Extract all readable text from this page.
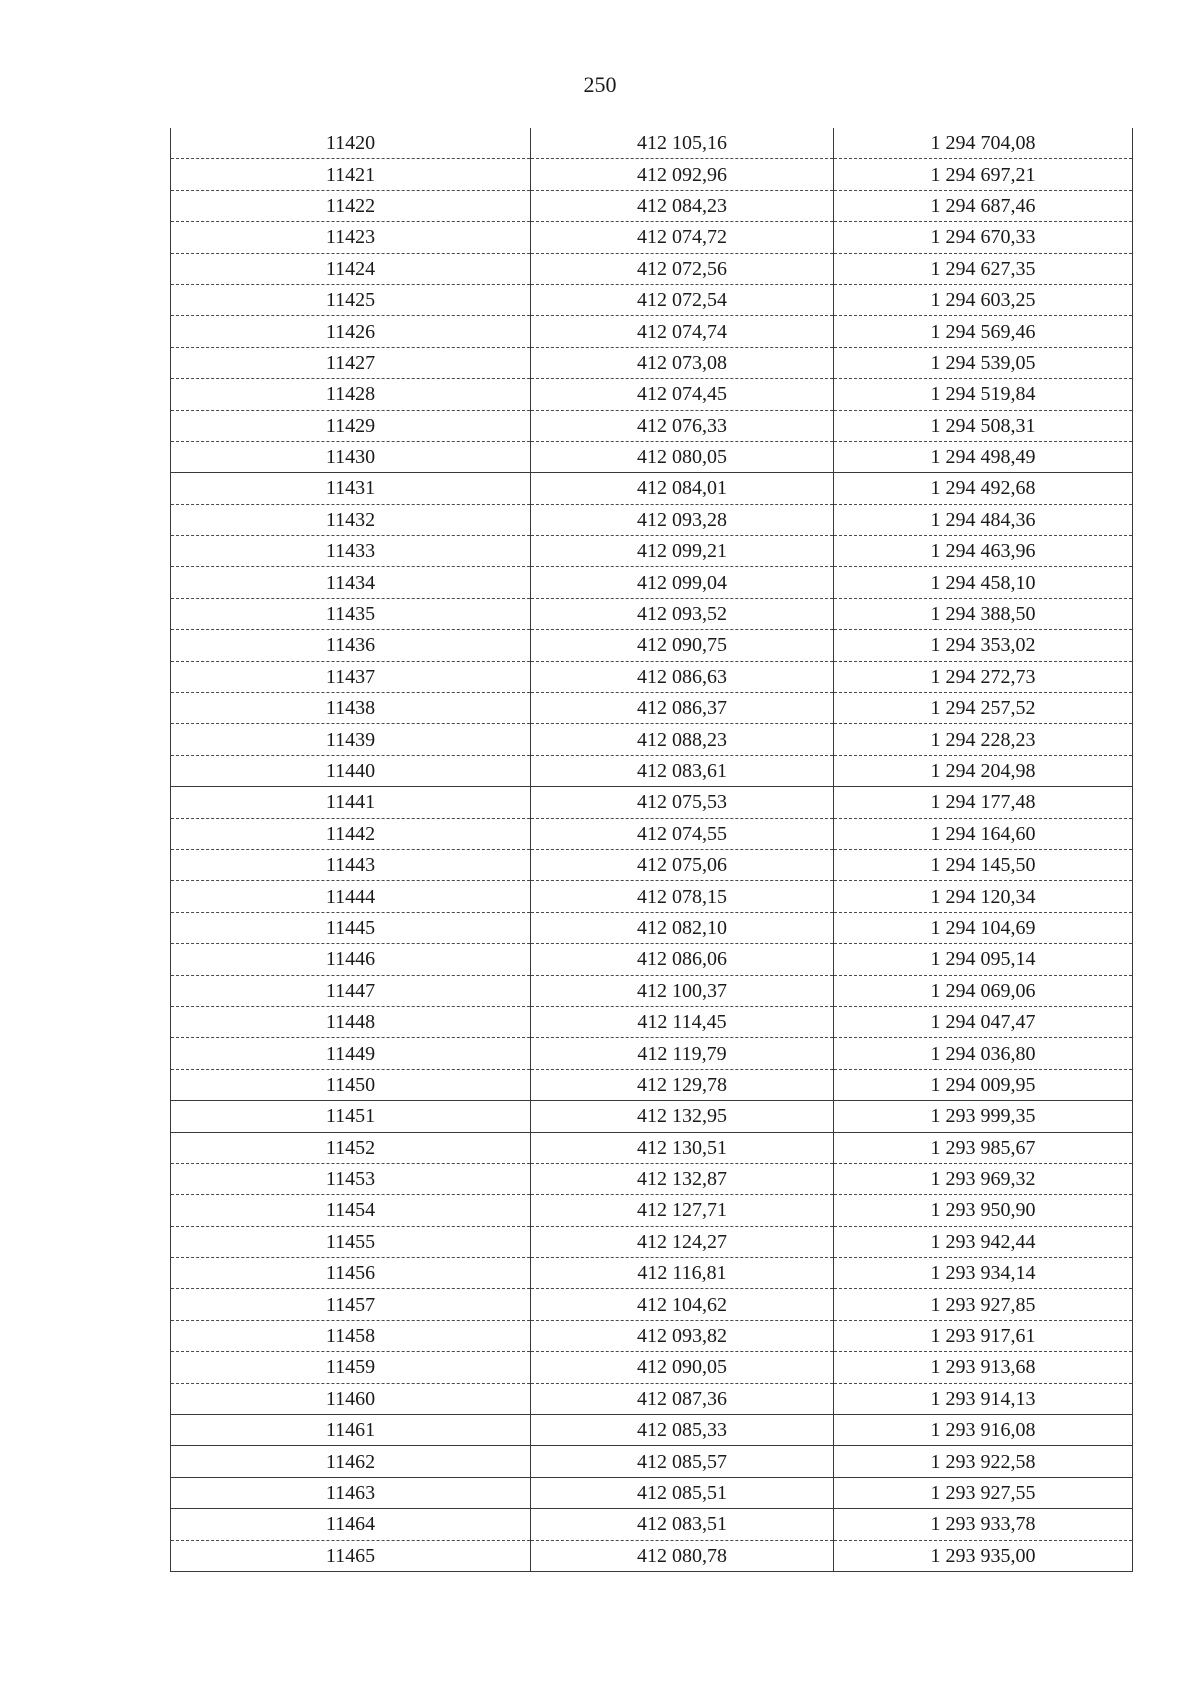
250
11420	412 105,16	1 294 704,08
11421	412 092,96	1 294 697,21
11422	412 084,23	1 294 687,46
11423	412 074,72	1 294 670,33
11424	412 072,56	1 294 627,35
11425	412 072,54	1 294 603,25
11426	412 074,74	1 294 569,46
11427	412 073,08	1 294 539,05
11428	412 074,45	1 294 519,84
11429	412 076,33	1 294 508,31
11430	412 080,05	1 294 498,49
11431	412 084,01	1 294 492,68
11432	412 093,28	1 294 484,36
11433	412 099,21	1 294 463,96
11434	412 099,04	1 294 458,10
11435	412 093,52	1 294 388,50
11436	412 090,75	1 294 353,02
11437	412 086,63	1 294 272,73
11438	412 086,37	1 294 257,52
11439	412 088,23	1 294 228,23
11440	412 083,61	1 294 204,98
11441	412 075,53	1 294 177,48
11442	412 074,55	1 294 164,60
11443	412 075,06	1 294 145,50
11444	412 078,15	1 294 120,34
11445	412 082,10	1 294 104,69
11446	412 086,06	1 294 095,14
11447	412 100,37	1 294 069,06
11448	412 114,45	1 294 047,47
11449	412 119,79	1 294 036,80
11450	412 129,78	1 294 009,95
11451	412 132,95	1 293 999,35
11452	412 130,51	1 293 985,67
11453	412 132,87	1 293 969,32
11454	412 127,71	1 293 950,90
11455	412 124,27	1 293 942,44
11456	412 116,81	1 293 934,14
11457	412 104,62	1 293 927,85
11458	412 093,82	1 293 917,61
11459	412 090,05	1 293 913,68
11460	412 087,36	1 293 914,13
11461	412 085,33	1 293 916,08
11462	412 085,57	1 293 922,58
11463	412 085,51	1 293 927,55
11464	412 083,51	1 293 933,78
11465	412 080,78	1 293 935,00
